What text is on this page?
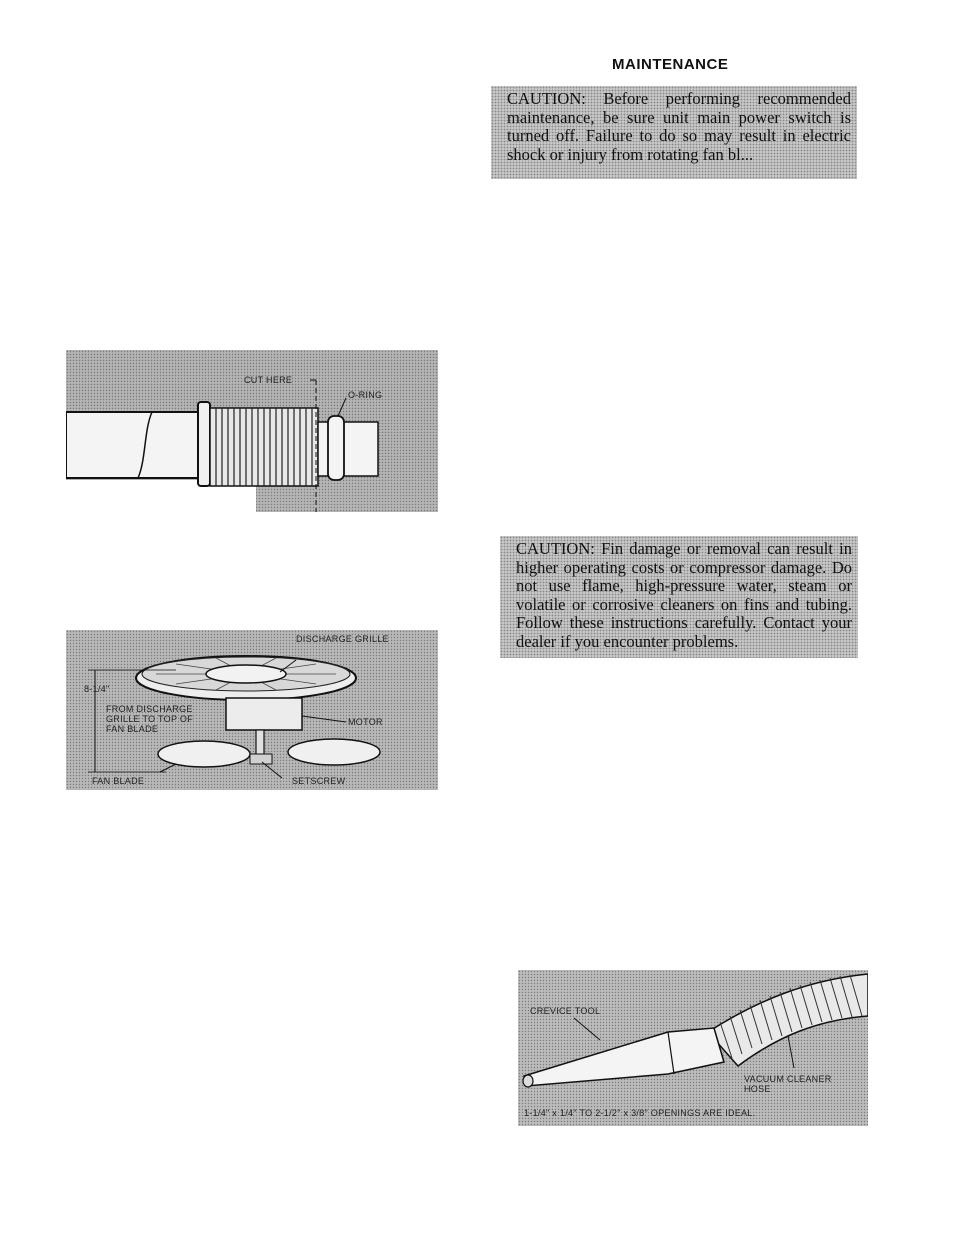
MAINTENANCE
CAUTION: Before performing recommended maintenance, be sure unit main power switch is turned off. Failure to do so may result in electric shock or injury from rotating fan bl...
CAUTION: Fin damage or removal can result in higher operating costs or compressor damage. Do not use flame, high-pressure water, steam or volatile or corrosive cleaners on fins and tubing. Follow these instructions carefully. Contact your dealer if you encounter problems.
CUT HERE
O-RING
DISCHARGE GRILLE
MOTOR
8-1/4"
FROM DISCHARGE
GRILLE TO TOP OF
FAN BLADE
FAN BLADE	SETSCREW
CREVICE TOOL
VACUUM CLEANER
HOSE
1-1/4" x 1/4" TO 2-1/2" x 3/8" OPENINGS ARE IDEAL.
